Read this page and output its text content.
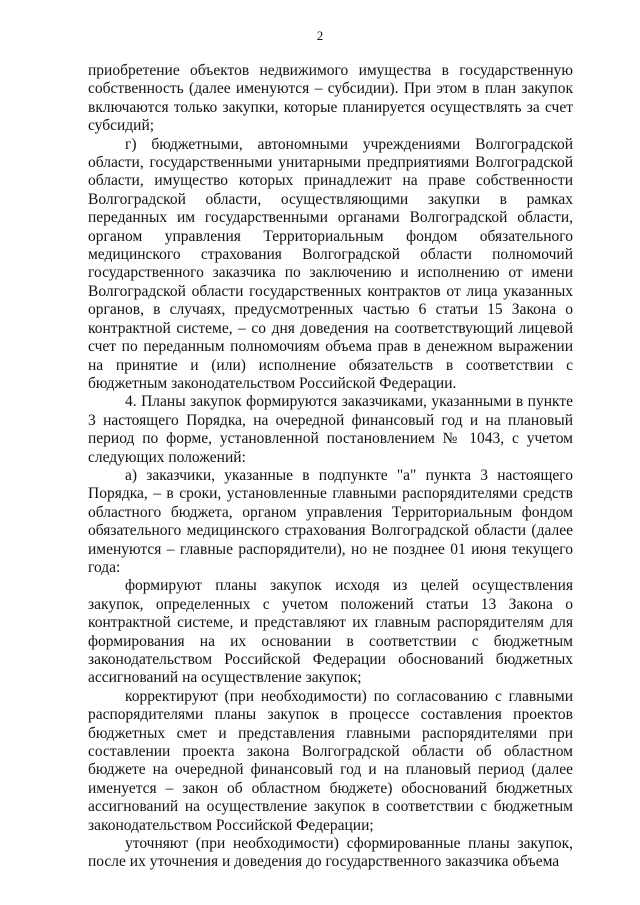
2

приобретение объектов недвижимого имущества в государственную собственность (далее именуются – субсидии). При этом в план закупок включаются только закупки, которые планируется осуществлять за счет субсидий;

г) бюджетными, автономными учреждениями Волгоградской области, государственными унитарными предприятиями Волгоградской области, имущество которых принадлежит на праве собственности Волгоградской области, осуществляющими закупки в рамках переданных им государственными органами Волгоградской области, органом управления Территориальным фондом обязательного медицинского страхования Волгоградской области полномочий государственного заказчика по заключению и исполнению от имени Волгоградской области государственных контрактов от лица указанных органов, в случаях, предусмотренных частью 6 статьи 15 Закона о контрактной системе, – со дня доведения на соответствующий лицевой счет по переданным полномочиям объема прав в денежном выражении на принятие и (или) исполнение обязательств в соответствии с бюджетным законодательством Российской Федерации.

4. Планы закупок формируются заказчиками, указанными в пункте 3 настоящего Порядка, на очередной финансовый год и на плановый период по форме, установленной постановлением № 1043, с учетом следующих положений:

а) заказчики, указанные в подпункте "а" пункта 3 настоящего Порядка, – в сроки, установленные главными распорядителями средств областного бюджета, органом управления Территориальным фондом обязательного медицинского страхования Волгоградской области (далее именуются – главные распорядители), но не позднее 01 июня текущего года:

формируют планы закупок исходя из целей осуществления закупок, определенных с учетом положений статьи 13 Закона о контрактной системе, и представляют их главным распорядителям для формирования на их основании в соответствии с бюджетным законодательством Российской Федерации обоснований бюджетных ассигнований на осуществление закупок;

корректируют (при необходимости) по согласованию с главными распорядителями планы закупок в процессе составления проектов бюджетных смет и представления главными распорядителями при составлении проекта закона Волгоградской области об областном бюджете на очередной финансовый год и на плановый период (далее именуется – закон об областном бюджете) обоснований бюджетных ассигнований на осуществление закупок в соответствии с бюджетным законодательством Российской Федерации;

уточняют (при необходимости) сформированные планы закупок, после их уточнения и доведения до государственного заказчика объема
